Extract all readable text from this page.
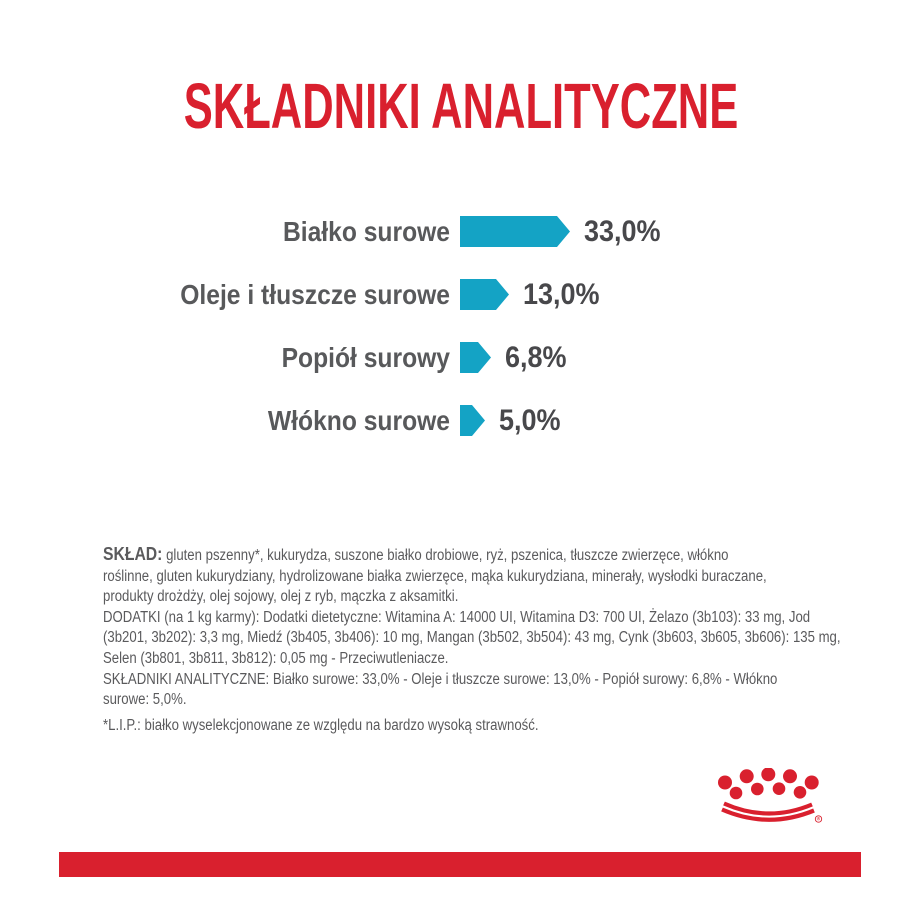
SKŁADNIKI ANALITYCZNE
Białko surowe	33,0%
Oleje i tłuszcze surowe 13,0%
Popiół surowy 6,8%
Włókno surowe 5,0%
SKŁAD: gluten pszenny*, kukurydza, suszone białko drobiowe, ryż, pszenica, tłuszcze zwierzęce, włókno
roślinne, gluten kukurydziany, hydrolizowane białka zwierzęce, mąka kukurydziana, minerały, wysłodki buraczane,
produkty drożdży, olej sojowy, olej z ryb, mączka z aksamitki.
DODATKI (na 1 kg karmy): Dodatki dietetyczne: Witamina A: 14000 UI, Witamina D3: 700 UI, Żelazo (3b103): 33 mg, Jod
(3b201, 3b202): 3,3 mg, Miedź (3b405, 3b406): 10 mg, Mangan (3b502, 3b504): 43 mg, Cynk (3b603, 3b605, 3b606): 135 mg,
Selen (3b801, 3b811, 3b812): 0,05 mg - Przeciwutleniacze.
SKŁADNIKI ANALITYCZNE: Białko surowe: 33,0% - Oleje i tłuszcze surowe: 13,0% - Popiół surowy: 6,8% - Włókno
surowe: 5,0%.
*L.I.P.: białko wyselekcjonowane ze względu na bardzo wysoką strawność.
®
